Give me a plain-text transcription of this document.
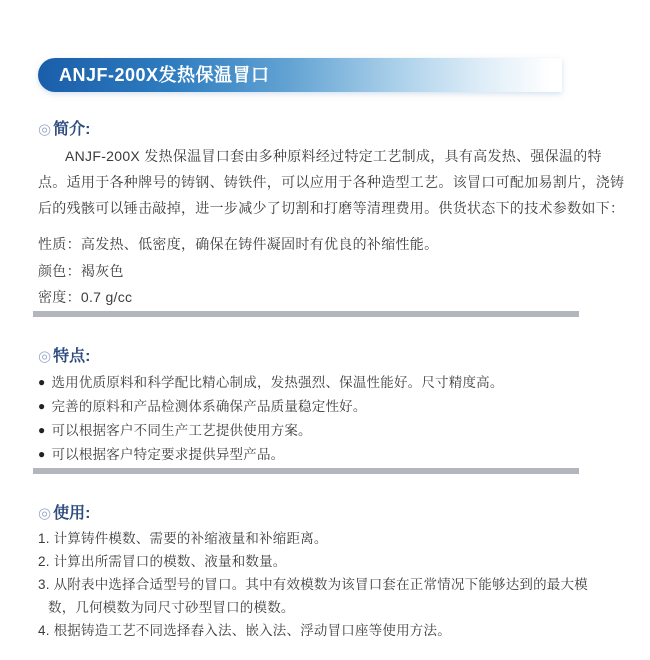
ANJF-200X发热保温冒口
◎ 简介:
ANJF-200X 发热保温冒口套由多种原料经过特定工艺制成，具有高发热、强保温的特
点。适用于各种牌号的铸钢、铸铁件，可以应用于各种造型工艺。该冒口可配加易割片，浇铸
后的残骸可以锤击敲掉，进一步减少了切割和打磨等清理费用。供货状态下的技术参数如下：
性质：高发热、低密度，确保在铸件凝固时有优良的补缩性能。
颜色：褐灰色
密度：0.7 g/cc
◎ 特点:
● 选用优质原料和科学配比精心制成，发热强烈、保温性能好。尺寸精度高。
● 完善的原料和产品检测体系确保产品质量稳定性好。
● 可以根据客户不同生产工艺提供使用方案。
● 可以根据客户特定要求提供异型产品。
◎ 使用:
1. 计算铸件模数、需要的补缩液量和补缩距离。
2. 计算出所需冒口的模数、液量和数量。
3. 从附表中选择合适型号的冒口。其中有效模数为该冒口套在正常情况下能够达到的最大模
数，几何模数为同尺寸砂型冒口的模数。
4. 根据铸造工艺不同选择舂入法、嵌入法、浮动冒口座等使用方法。
